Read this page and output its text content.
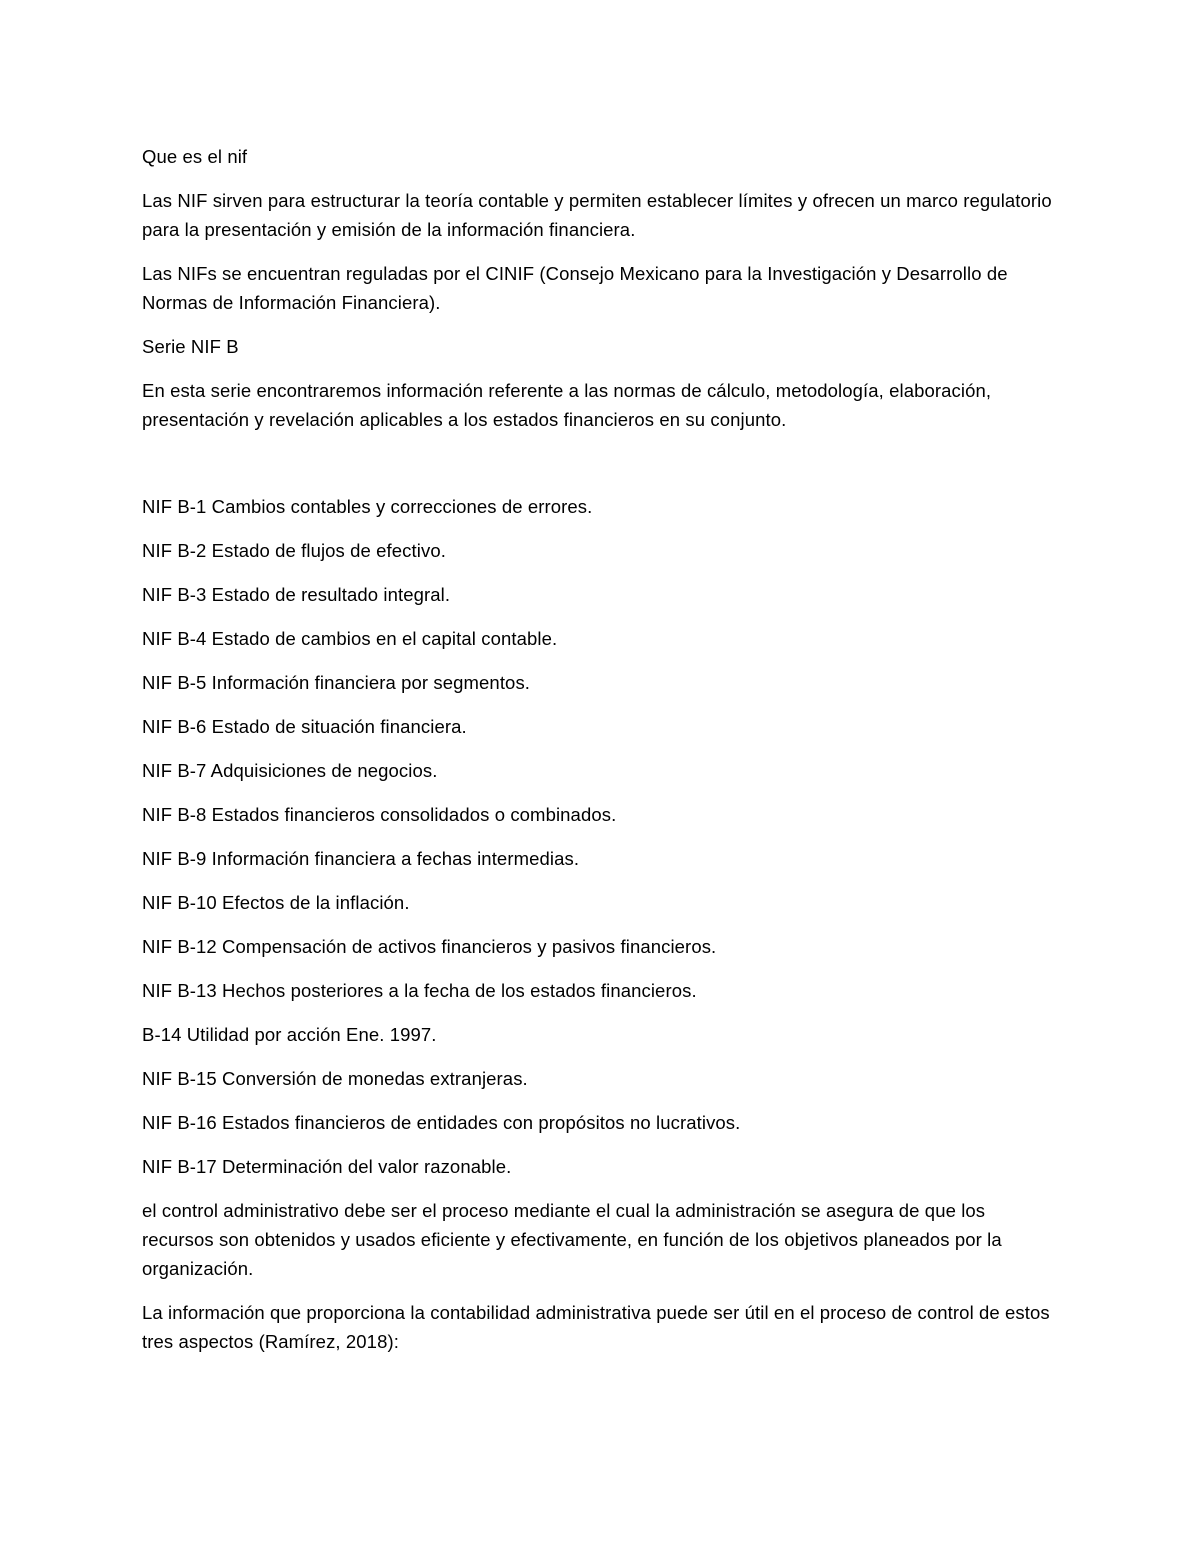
Que es el nif

Las NIF sirven para estructurar la teoría contable y permiten establecer límites y ofrecen un marco regulatorio para la presentación y emisión de la información financiera.

Las NIFs se encuentran reguladas por el CINIF (Consejo Mexicano para la Investigación y Desarrollo de Normas de Información Financiera).

Serie NIF B

En esta serie encontraremos información referente a las normas de cálculo, metodología, elaboración, presentación y revelación aplicables a los estados financieros en su conjunto.

NIF B-1 Cambios contables y correcciones de errores.

NIF B-2 Estado de flujos de efectivo.

NIF B-3 Estado de resultado integral.

NIF B-4 Estado de cambios en el capital contable.

NIF B-5 Información financiera por segmentos.

NIF B-6 Estado de situación financiera.

NIF B-7 Adquisiciones de negocios.

NIF B-8 Estados financieros consolidados o combinados.

NIF B-9 Información financiera a fechas intermedias.

NIF B-10 Efectos de la inflación.

NIF B-12 Compensación de activos financieros y pasivos financieros.

NIF B-13 Hechos posteriores a la fecha de los estados financieros.

B-14 Utilidad por acción Ene. 1997.

NIF B-15 Conversión de monedas extranjeras.

NIF B-16 Estados financieros de entidades con propósitos no lucrativos.

NIF B-17 Determinación del valor razonable.

el control administrativo debe ser el proceso mediante el cual la administración se asegura de que los recursos son obtenidos y usados eficiente y efectivamente, en función de los objetivos planeados por la organización.

La información que proporciona la contabilidad administrativa puede ser útil en el proceso de control de estos tres aspectos (Ramírez, 2018):
